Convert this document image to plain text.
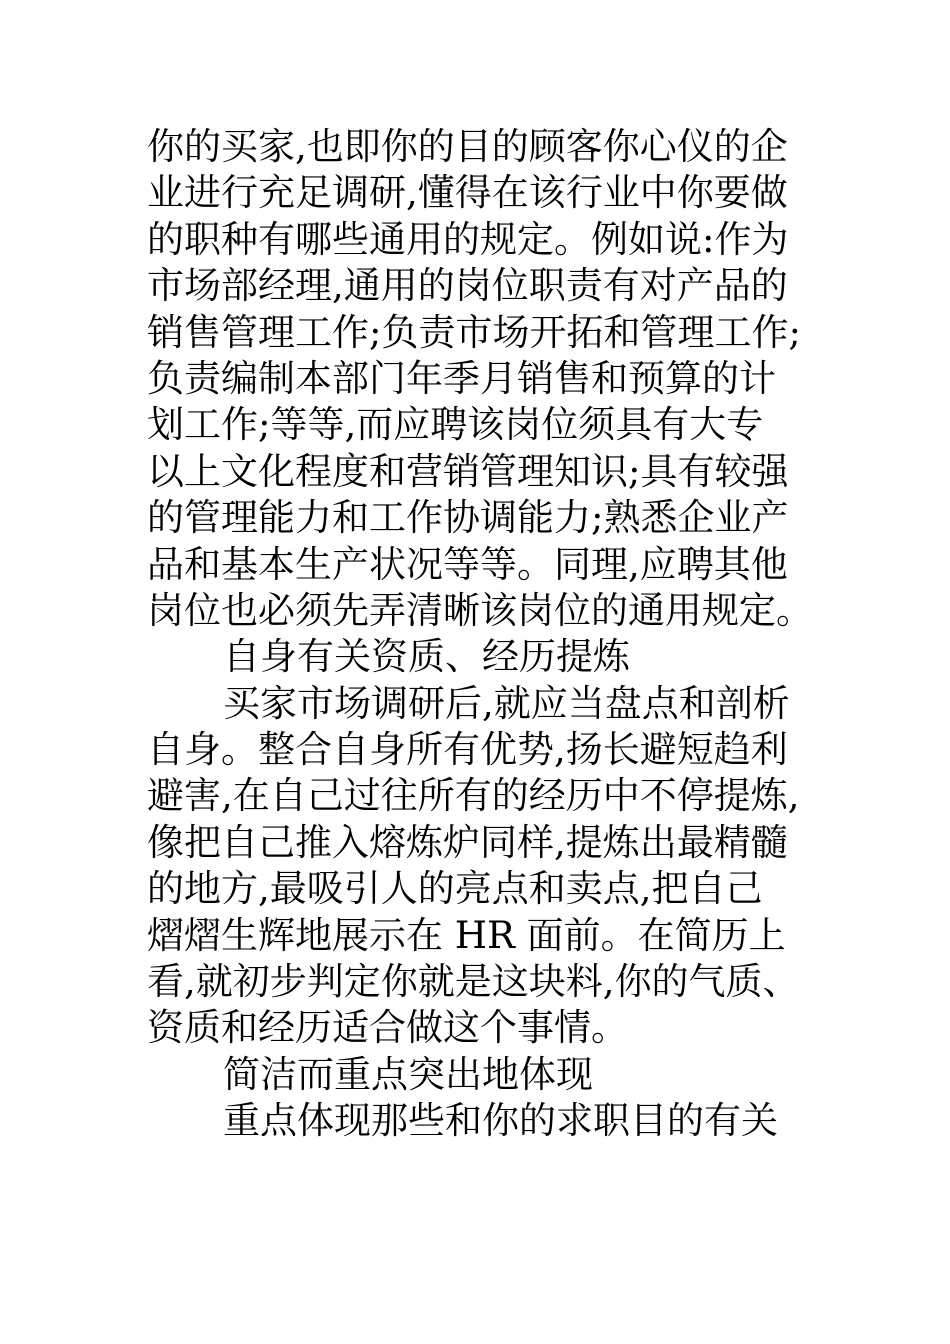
你的买家,也即你的目的顾客你心仪的企
业进行充足调研,懂得在该行业中你要做
的职种有哪些通用的规定。例如说:作为
市场部经理,通用的岗位职责有对产品的
销售管理工作;负责市场开拓和管理工作;
负责编制本部门年季月销售和预算的计
划工作;等等,而应聘该岗位须具有大专
以上文化程度和营销管理知识;具有较强
的管理能力和工作协调能力;熟悉企业产
品和基本生产状况等等。同理,应聘其他
岗位也必须先弄清晰该岗位的通用规定。
自身有关资质、经历提炼
买家市场调研后,就应当盘点和剖析
自身。整合自身所有优势,扬长避短趋利
避害,在自己过往所有的经历中不停提炼,
像把自己推入熔炼炉同样,提炼出最精髓
的地方,最吸引人的亮点和卖点,把自己
熠熠生辉地展示在 HR 面前。在简历上
看,就初步判定你就是这块料,你的气质、
资质和经历适合做这个事情。
简洁而重点突出地体现
重点体现那些和你的求职目的有关
